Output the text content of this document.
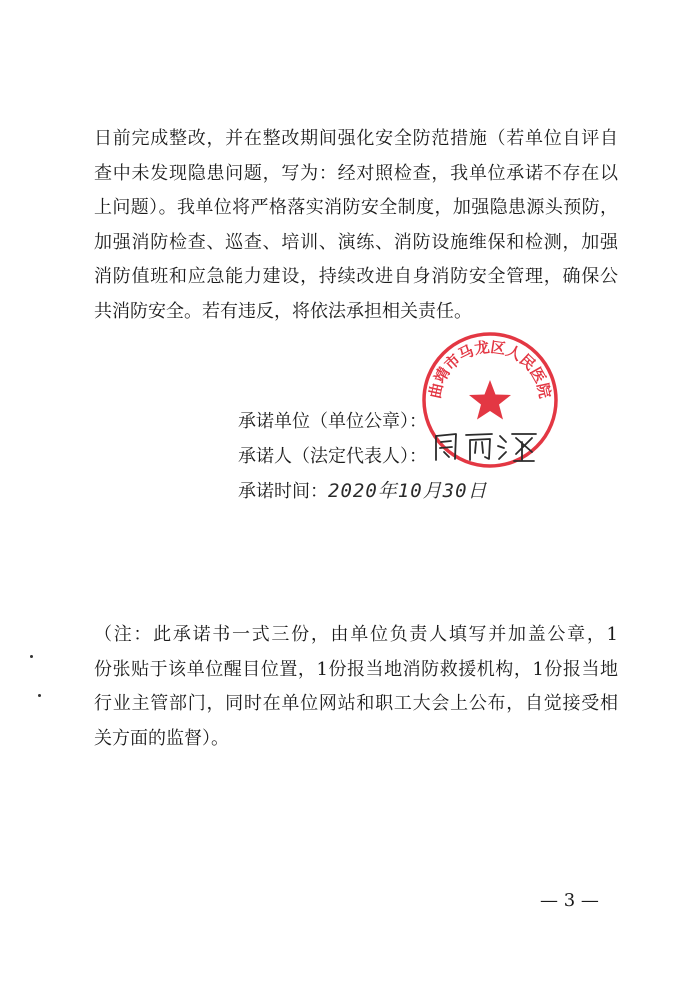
日前完成整改，并在整改期间强化安全防范措施（若单位自评自
查中未发现隐患问题，写为：经对照检查，我单位承诺不存在以
上问题）。我单位将严格落实消防安全制度，加强隐患源头预防，
加强消防检查、巡查、培训、演练、消防设施维保和检测，加强
消防值班和应急能力建设，持续改进自身消防安全管理，确保公
共消防安全。若有违反，将依法承担相关责任。
承诺单位（单位公章）：
承诺人（法定代表人）：
承诺时间：2020年10月30日
曲靖市马龙区人民医院
（注：此承诺书一式三份，由单位负责人填写并加盖公章，1
份张贴于该单位醒目位置，1份报当地消防救援机构，1份报当地
行业主管部门，同时在单位网站和职工大会上公布，自觉接受相
关方面的监督）。
— 3 —
